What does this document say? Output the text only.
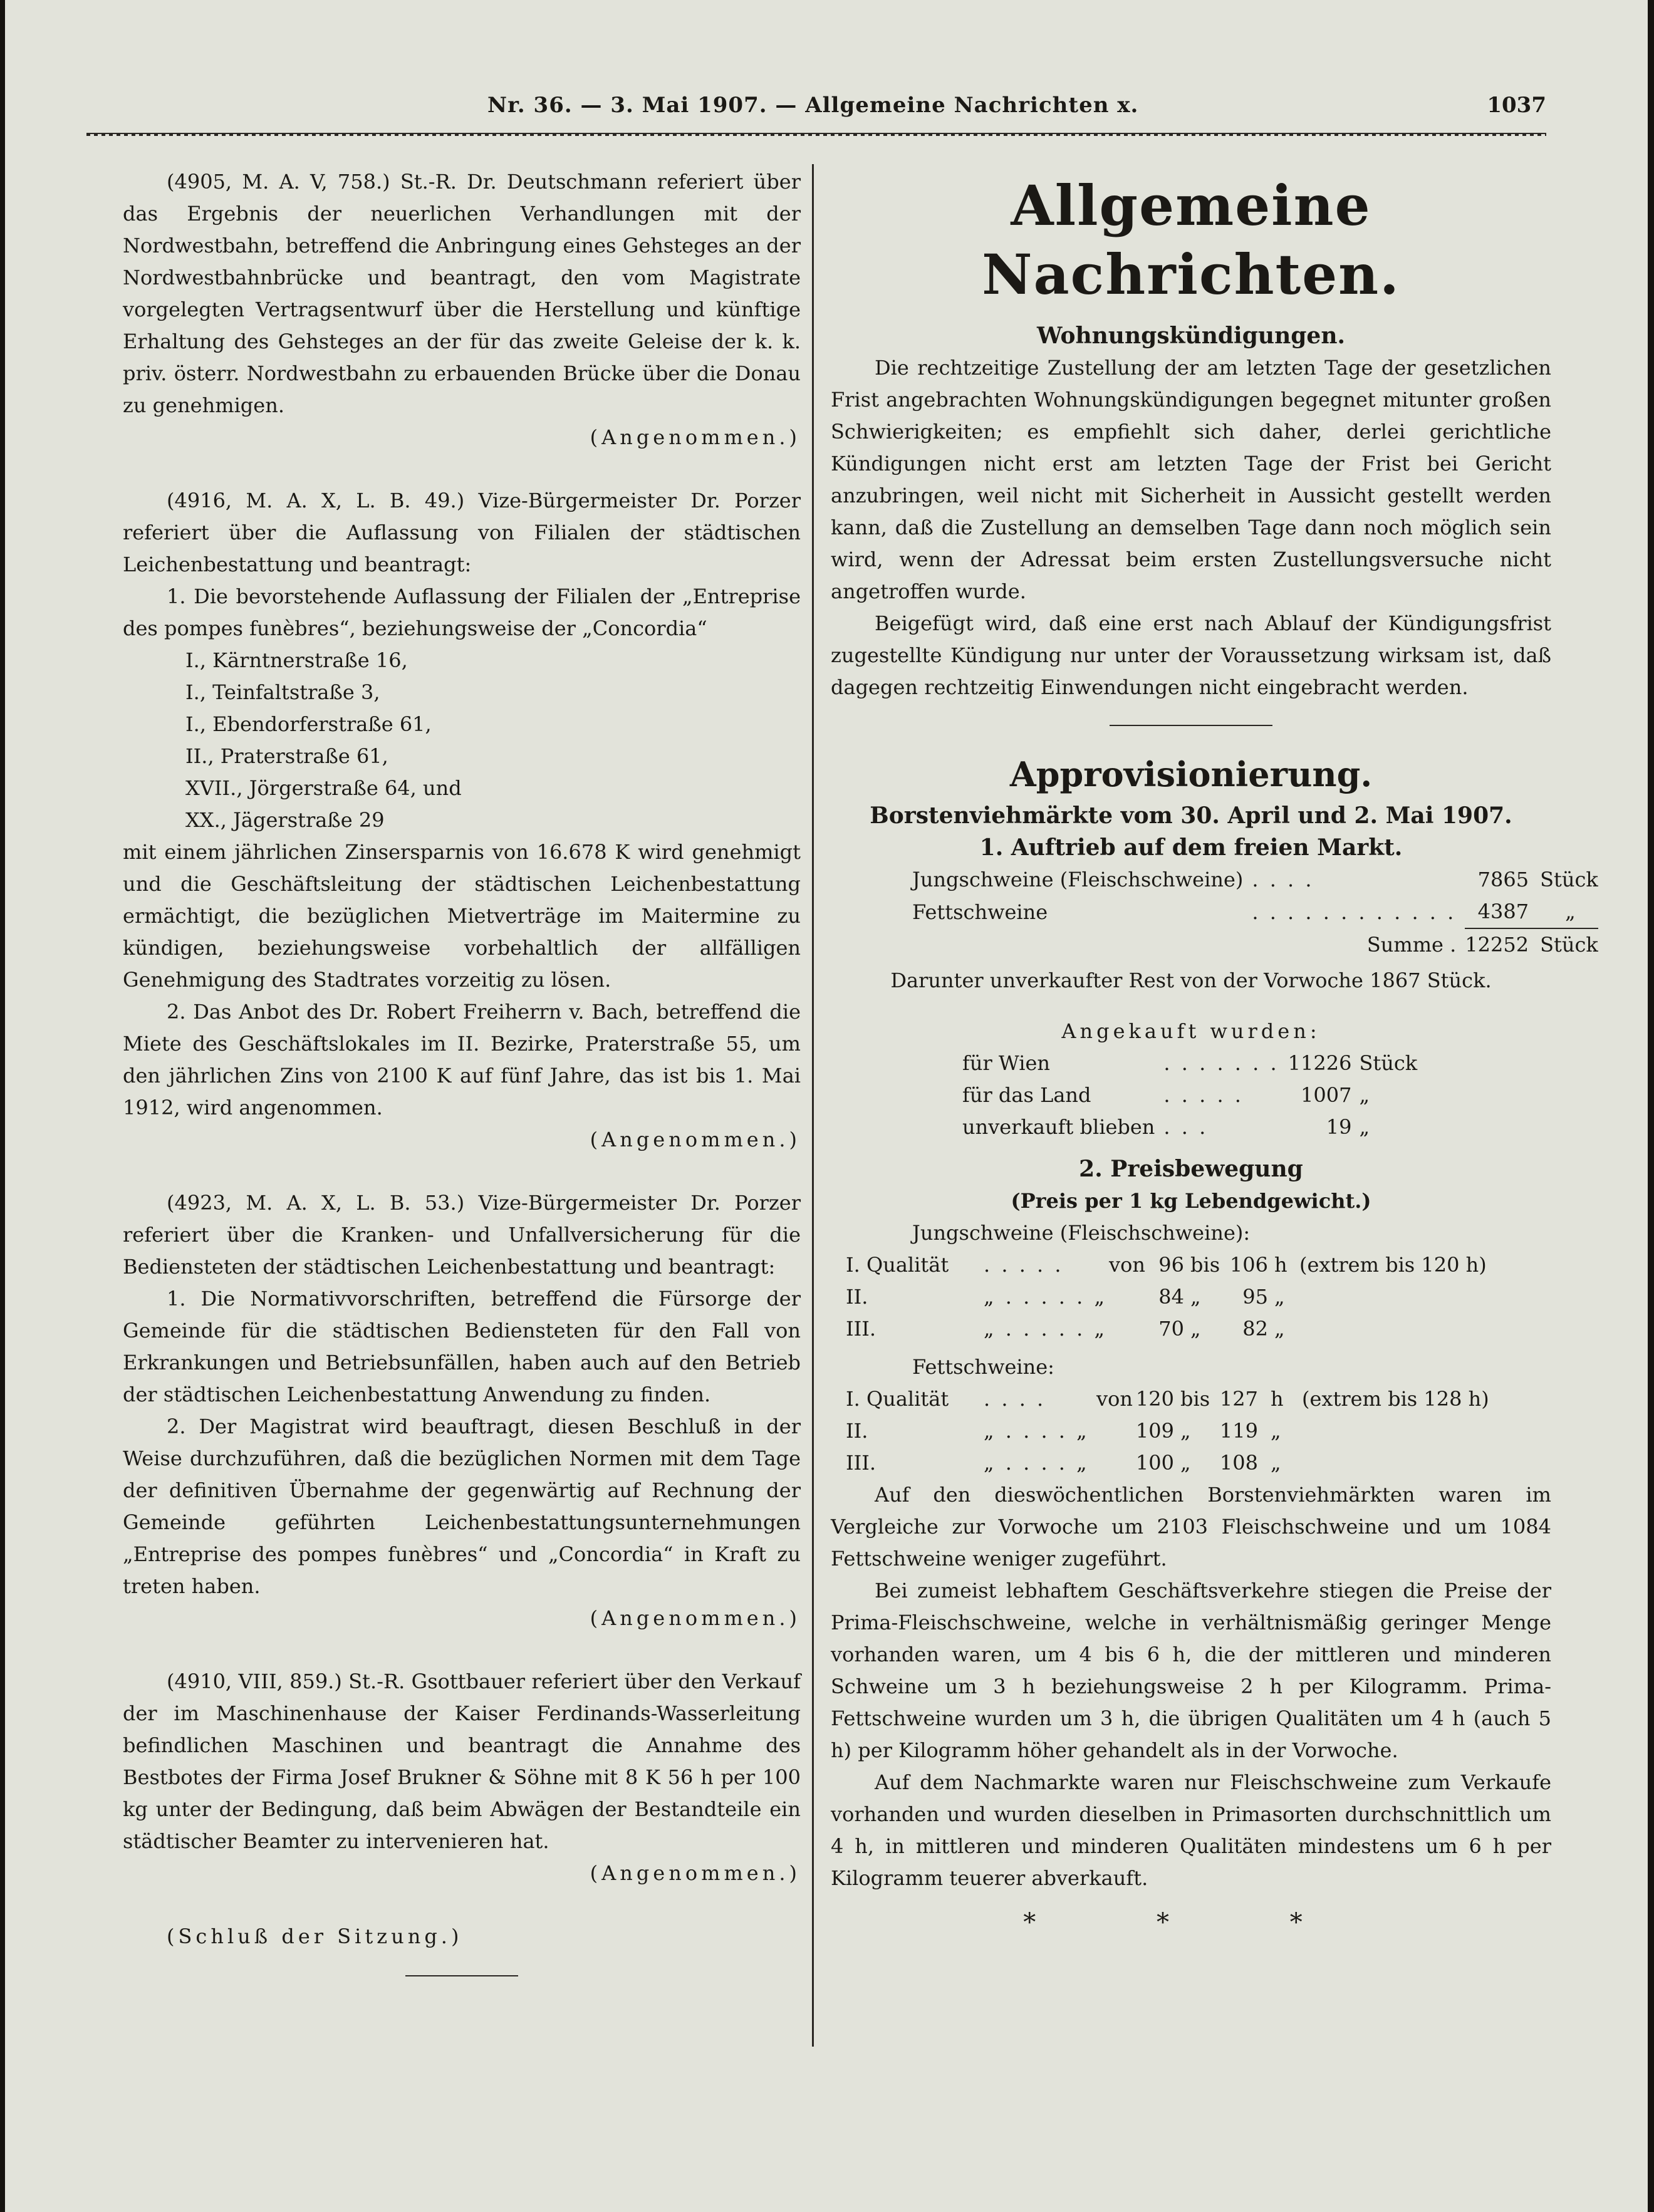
Nr. 36. — 3. Mai 1907. — Allgemeine Nachrichten x.	1037

(4905, M. A. V, 758.) St.-R. Dr. Deutschmann referiert über das Ergebnis der neuerlichen Verhandlungen mit der Nordwestbahn, betreffend die Anbringung eines Gehsteges an der Nordwestbahnbrücke und beantragt, den vom Magistrate vorgelegten Vertragsentwurf über die Herstellung und künftige Erhaltung des Gehsteges an der für das zweite Geleise der k. k. priv. österr. Nordwestbahn zu erbauenden Brücke über die Donau zu genehmigen.

(Angenommen.)

(4916, M. A. X, L. B. 49.) Vize-Bürgermeister Dr. Porzer referiert über die Auflassung von Filialen der städtischen Leichenbestattung und beantragt:

1. Die bevorstehende Auflassung der Filialen der „Entreprise des pompes funèbres“, beziehungsweise der „Concordia“

I., Kärntnerstraße 16,

I., Teinfaltstraße 3,

I., Ebendorferstraße 61,

II., Praterstraße 61,

XVII., Jörgerstraße 64, und

XX., Jägerstraße 29

mit einem jährlichen Zinsersparnis von 16.678 K wird genehmigt und die Geschäftsleitung der städtischen Leichenbestattung ermächtigt, die bezüglichen Mietverträge im Maitermine zu kündigen, beziehungsweise vorbehaltlich der allfälligen Genehmigung des Stadtrates vorzeitig zu lösen.

2. Das Anbot des Dr. Robert Freiherrn v. Bach, betreffend die Miete des Geschäftslokales im II. Bezirke, Praterstraße 55, um den jährlichen Zins von 2100 K auf fünf Jahre, das ist bis 1. Mai 1912, wird angenommen.

(Angenommen.)

(4923, M. A. X, L. B. 53.) Vize-Bürgermeister Dr. Porzer referiert über die Kranken- und Unfallversicherung für die Bediensteten der städtischen Leichenbestattung und beantragt:

1. Die Normativvorschriften, betreffend die Fürsorge der Gemeinde für die städtischen Bediensteten für den Fall von Erkrankungen und Betriebsunfällen, haben auch auf den Betrieb der städtischen Leichenbestattung Anwendung zu finden.

2. Der Magistrat wird beauftragt, diesen Beschluß in der Weise durchzuführen, daß die bezüglichen Normen mit dem Tage der definitiven Übernahme der gegenwärtig auf Rechnung der Gemeinde geführten Leichenbestattungsunternehmungen „Entreprise des pompes funèbres“ und „Concordia“ in Kraft zu treten haben.

(Angenommen.)

(4910, VIII, 859.) St.-R. Gsottbauer referiert über den Verkauf der im Maschinenhause der Kaiser Ferdinands-Wasserleitung befindlichen Maschinen und beantragt die Annahme des Bestbotes der Firma Josef Brukner & Söhne mit 8 K 56 h per 100 kg unter der Bedingung, daß beim Abwägen der Bestandteile ein städtischer Beamter zu intervenieren hat.

(Angenommen.)

(Schluß der Sitzung.)

Allgemeine Nachrichten.
Wohnungskündigungen.

Die rechtzeitige Zustellung der am letzten Tage der gesetzlichen Frist angebrachten Wohnungskündigungen begegnet mitunter großen Schwierigkeiten; es empfiehlt sich daher, derlei gerichtliche Kündigungen nicht erst am letzten Tage der Frist bei Gericht anzubringen, weil nicht mit Sicherheit in Aussicht gestellt werden kann, daß die Zustellung an demselben Tage dann noch möglich sein wird, wenn der Adressat beim ersten Zustellungsversuche nicht angetroffen wurde.

Beigefügt wird, daß eine erst nach Ablauf der Kündigungsfrist zugestellte Kündigung nur unter der Voraussetzung wirksam ist, daß dagegen rechtzeitig Einwendungen nicht eingebracht werden.

Approvisionierung.
Borstenviehmärkte vom 30. April und 2. Mai 1907.
1. Auftrieb auf dem freien Markt.
Jungschweine (Fleischschweine)	. . . .	7865	Stück
Fettschweine	. . . . . . . . . . . .	4387	„
	Summe .	12252	Stück

Darunter unverkaufter Rest von der Vorwoche 1867 Stück.

Angekauft wurden:

für Wien	. . . . . . .	11226	Stück
für das Land	. . . . .	1007	„
unverkauft blieben	. . .	19	„
2. Preisbewegung
(Preis per 1 kg Lebendgewicht.)

Jungschweine (Fleischschweine):

I. Qualität	. . . . .	von	96	bis	106	h	(extrem bis 120 h)
II.	„ . . . . . „		84	„	95	„	
III.	„ . . . . . „		70	„	82	„	

Fettschweine:

I. Qualität	. . . .	von	120	bis	127	h	(extrem bis 128 h)
II.	„ . . . . „		109	„	119	„	
III.	„ . . . . „		100	„	108	„	

Auf den dieswöchentlichen Borstenviehmärkten waren im Vergleiche zur Vorwoche um 2103 Fleischschweine und um 1084 Fettschweine weniger zugeführt.

Bei zumeist lebhaftem Geschäftsverkehre stiegen die Preise der Prima-Fleischschweine, welche in verhältnismäßig geringer Menge vorhanden waren, um 4 bis 6 h, die der mittleren und minderen Schweine um 3 h beziehungsweise 2 h per Kilogramm. Prima-Fettschweine wurden um 3 h, die übrigen Qualitäten um 4 h (auch 5 h) per Kilogramm höher gehandelt als in der Vorwoche.

Auf dem Nachmarkte waren nur Fleischschweine zum Verkaufe vorhanden und wurden dieselben in Primasorten durchschnittlich um 4 h, in mittleren und minderen Qualitäten mindestens um 6 h per Kilogramm teuerer abverkauft.

* * *
